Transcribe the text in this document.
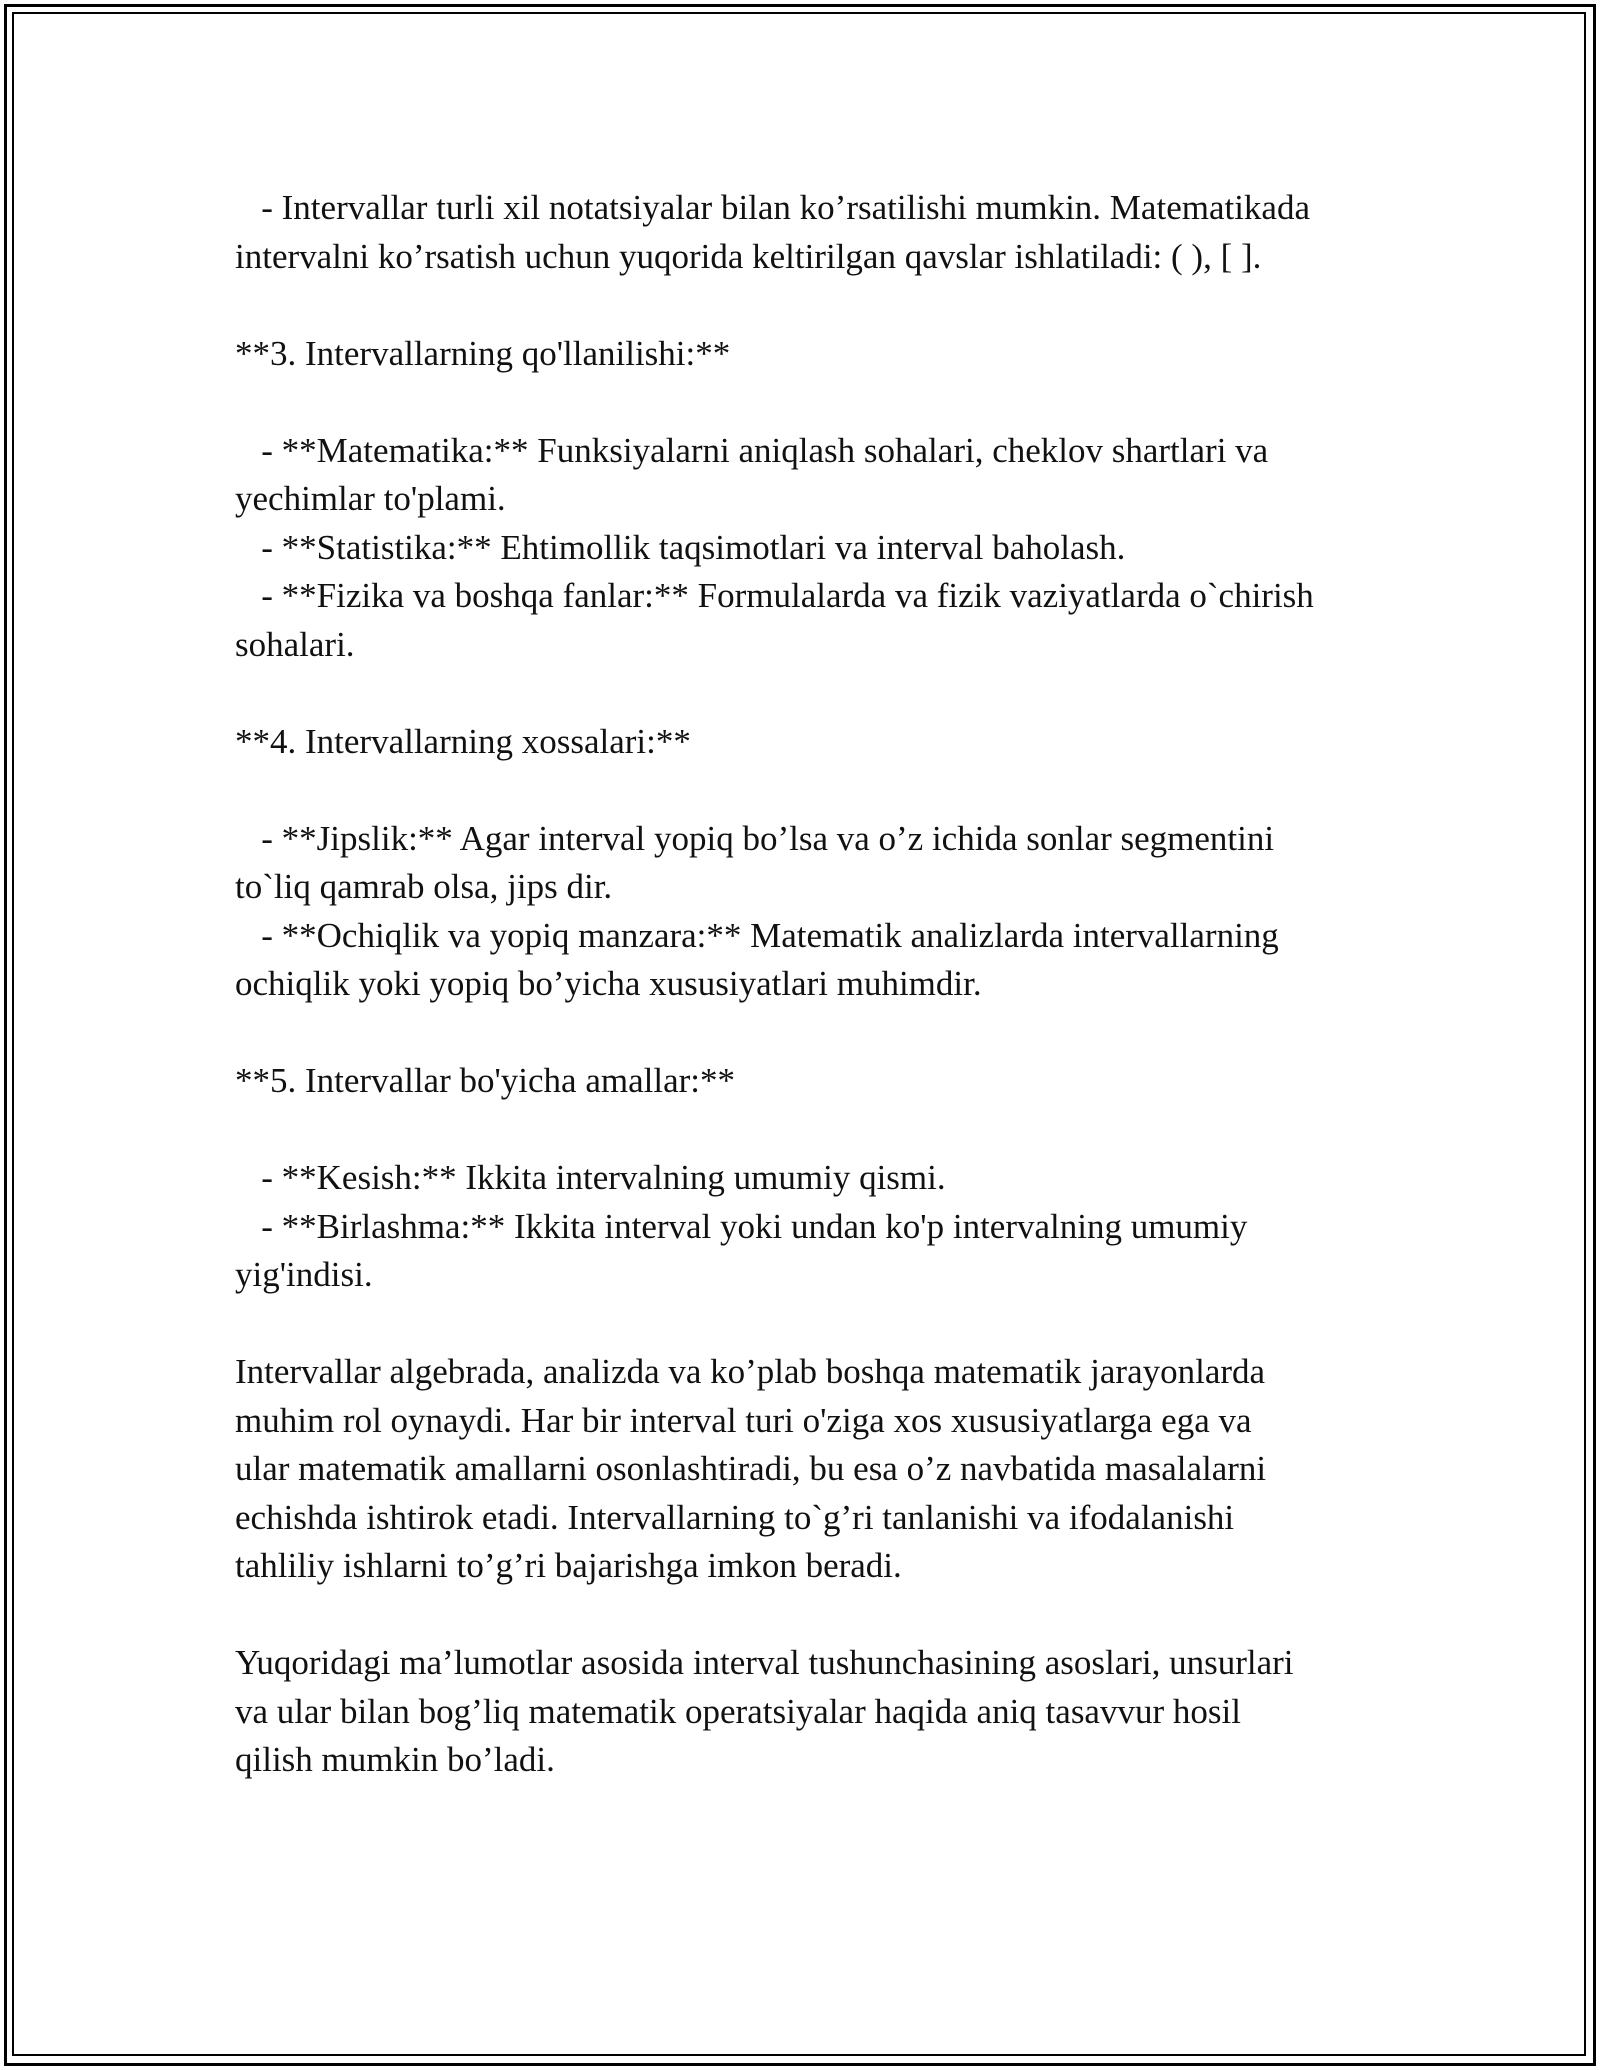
- Intervallar turli xil notatsiyalar bilan ko’rsatilishi mumkin. Matematikada

intervalni ko’rsatish uchun yuqorida keltirilgan qavslar ishlatiladi: ( ), [ ].

**3. Intervallarning qo'llanilishi:**

- **Matematika:** Funksiyalarni aniqlash sohalari, cheklov shartlari va

yechimlar to'plami.

- **Statistika:** Ehtimollik taqsimotlari va interval baholash.

- **Fizika va boshqa fanlar:** Formulalarda va fizik vaziyatlarda o`chirish

sohalari.

**4. Intervallarning xossalari:**

- **Jipslik:** Agar interval yopiq bo’lsa va o’z ichida sonlar segmentini

to`liq qamrab olsa, jips dir.

- **Ochiqlik va yopiq manzara:** Matematik analizlarda intervallarning

ochiqlik yoki yopiq bo’yicha xususiyatlari muhimdir.

**5. Intervallar bo'yicha amallar:**

- **Kesish:** Ikkita intervalning umumiy qismi.

- **Birlashma:** Ikkita interval yoki undan ko'p intervalning umumiy

yig'indisi.

Intervallar algebrada, analizda va ko’plab boshqa matematik jarayonlarda

muhim rol oynaydi. Har bir interval turi o'ziga xos xususiyatlarga ega va

ular matematik amallarni osonlashtiradi, bu esa o’z navbatida masalalarni

echishda ishtirok etadi. Intervallarning to`g’ri tanlanishi va ifodalanishi

tahliliy ishlarni to’g’ri bajarishga imkon beradi.

Yuqoridagi ma’lumotlar asosida interval tushunchasining asoslari, unsurlari

va ular bilan bog’liq matematik operatsiyalar haqida aniq tasavvur hosil

qilish mumkin bo’ladi.
